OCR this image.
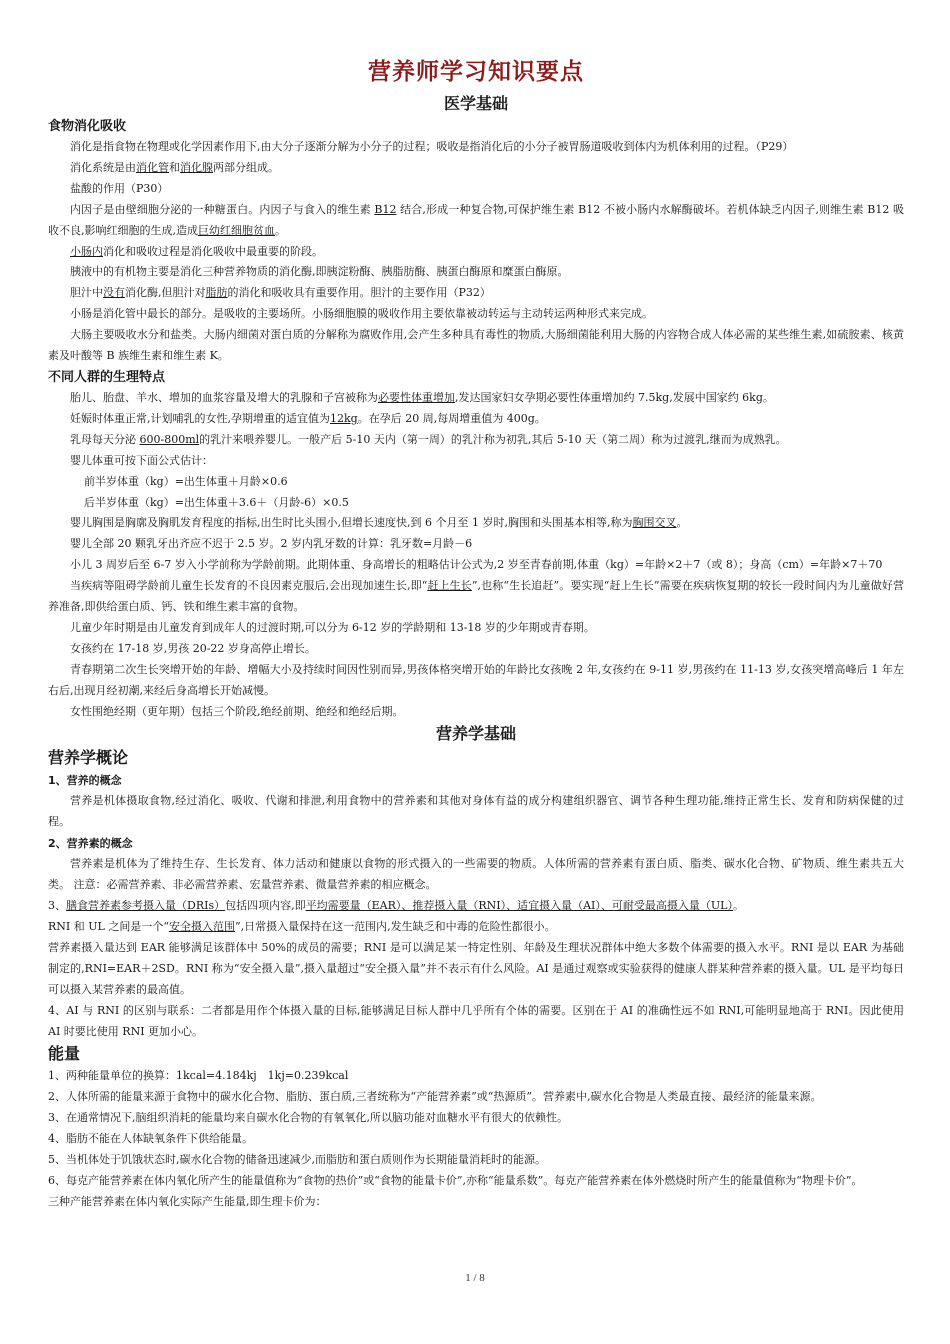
营养师学习知识要点
医学基础
食物消化吸收

消化是指食物在物理或化学因素作用下,由大分子逐渐分解为小分子的过程；吸收是指消化后的小分子被胃肠道吸收到体内为机体利用的过程。（P29）

消化系统是由消化管和消化腺两部分组成。

盐酸的作用（P30）

内因子是由壁细胞分泌的一种糖蛋白。内因子与食入的维生素 B12 结合,形成一种复合物,可保护维生素 B12 不被小肠内水解酶破坏。若机体缺乏内因子,则维生素 B12 吸收不良,影响红细胞的生成,造成巨幼红细胞贫血。

小肠内消化和吸收过程是消化吸收中最重要的阶段。

胰液中的有机物主要是消化三种营养物质的消化酶,即胰淀粉酶、胰脂肪酶、胰蛋白酶原和糜蛋白酶原。

胆汁中没有消化酶,但胆汁对脂肪的消化和吸收具有重要作用。胆汁的主要作用（P32）

小肠是消化管中最长的部分。是吸收的主要场所。小肠细胞膜的吸收作用主要依靠被动转运与主动转运两种形式来完成。

大肠主要吸收水分和盐类。大肠内细菌对蛋白质的分解称为腐败作用,会产生多种具有毒性的物质,大肠细菌能利用大肠的内容物合成人体必需的某些维生素,如硫胺素、核黄素及叶酸等 B 族维生素和维生素 K。

不同人群的生理特点

胎儿、胎盘、羊水、增加的血浆容量及增大的乳腺和子宫被称为必要性体重增加,发达国家妇女孕期必要性体重增加约 7.5kg,发展中国家约 6kg。

妊娠时体重正常,计划哺乳的女性,孕期增重的适宜值为12kg。在孕后 20 周,每周增重值为 400g。

乳母每天分泌 600-800ml的乳汁来喂养婴儿。一般产后 5-10 天内（第一周）的乳汁称为初乳,其后 5-10 天（第二周）称为过渡乳,继而为成熟乳。

婴儿体重可按下面公式估计：

前半岁体重（kg）=出生体重＋月龄×0.6

后半岁体重（kg）=出生体重＋3.6＋（月龄-6）×0.5

婴儿胸围是胸廓及胸肌发育程度的指标,出生时比头围小,但增长速度快,到 6 个月至 1 岁时,胸围和头围基本相等,称为胸围交叉。

婴儿全部 20 颗乳牙出齐应不迟于 2.5 岁。2 岁内乳牙数的计算：乳牙数=月龄－6

小儿 3 周岁后至 6-7 岁入小学前称为学龄前期。此期体重、身高增长的粗略估计公式为,2 岁至青春前期,体重（kg）=年龄×2＋7（或 8）；身高（cm）=年龄×7＋70

当疾病等阻碍学龄前儿童生长发育的不良因素克服后,会出现加速生长,即“赶上生长”,也称“生长追赶”。要实现“赶上生长”需要在疾病恢复期的较长一段时间内为儿童做好营养准备,即供给蛋白质、钙、铁和维生素丰富的食物。

儿童少年时期是由儿童发育到成年人的过渡时期,可以分为 6-12 岁的学龄期和 13-18 岁的少年期或青春期。

女孩约在 17-18 岁,男孩 20-22 岁身高停止增长。

青春期第二次生长突增开始的年龄、增幅大小及持续时间因性别而异,男孩体格突增开始的年龄比女孩晚 2 年,女孩约在 9-11 岁,男孩约在 11-13 岁,女孩突增高峰后 1 年左右后,出现月经初潮,来经后身高增长开始减慢。

女性围绝经期（更年期）包括三个阶段,绝经前期、绝经和绝经后期。

营养学基础
营养学概论
1、营养的概念

营养是机体摄取食物,经过消化、吸收、代谢和排泄,利用食物中的营养素和其他对身体有益的成分构建组织器官、调节各种生理功能,维持正常生长、发育和防病保健的过程。

2、营养素的概念

营养素是机体为了维持生存、生长发育、体力活动和健康以食物的形式摄入的一些需要的物质。人体所需的营养素有蛋白质、脂类、碳水化合物、矿物质、维生素共五大类。 注意：必需营养素、非必需营养素、宏量营养素、微量营养素的相应概念。

3、膳食营养素参考摄入量（DRIs）包括四项内容,即平均需要量（EAR）、推荐摄入量（RNI）、适宜摄入量（AI）、可耐受最高摄入量（UL）。

RNI 和 UL 之间是一个“安全摄入范围”,日常摄入量保持在这一范围内,发生缺乏和中毒的危险性都很小。

营养素摄入量达到 EAR 能够满足该群体中 50%的成员的需要；RNI 是可以满足某一特定性别、年龄及生理状况群体中绝大多数个体需要的摄入水平。RNI 是以 EAR 为基础制定的,RNI=EAR＋2SD。RNI 称为“安全摄入量”,摄入量超过“安全摄入量”并不表示有什么风险。AI 是通过观察或实验获得的健康人群某种营养素的摄入量。UL 是平均每日可以摄入某营养素的最高值。

4、AI 与 RNI 的区别与联系：二者都是用作个体摄入量的目标,能够满足目标人群中几乎所有个体的需要。区别在于 AI 的准确性远不如 RNI,可能明显地高于 RNI。因此使用 AI 时要比使用 RNI 更加小心。

能量

1、两种能量单位的换算：1kcal=4.184kj　1kj=0.239kcal

2、人体所需的能量来源于食物中的碳水化合物、脂肪、蛋白质,三者统称为“产能营养素”或“热源质”。营养素中,碳水化合物是人类最直接、最经济的能量来源。

3、在通常情况下,脑组织消耗的能量均来自碳水化合物的有氧氧化,所以脑功能对血糖水平有很大的依赖性。

4、脂肪不能在人体缺氧条件下供给能量。

5、当机体处于饥饿状态时,碳水化合物的储备迅速减少,而脂肪和蛋白质则作为长期能量消耗时的能源。

6、每克产能营养素在体内氧化所产生的能量值称为“食物的热价”或“食物的能量卡价”,亦称“能量系数”。每克产能营养素在体外燃烧时所产生的能量值称为“物理卡价”。

三种产能营养素在体内氧化实际产生能量,即生理卡价为：

1 / 8
